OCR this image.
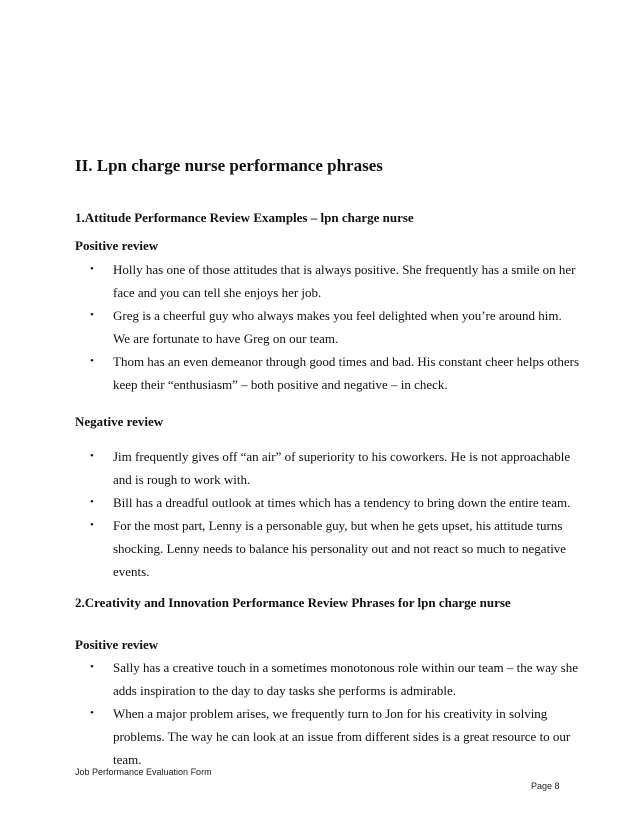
II. Lpn charge nurse performance phrases
1.Attitude Performance Review Examples – lpn charge nurse
Positive review
• Holly has one of those attitudes that is always positive. She frequently has a smile on her face and you can tell she enjoys her job.
• Greg is a cheerful guy who always makes you feel delighted when you’re around him. We are fortunate to have Greg on our team.
• Thom has an even demeanor through good times and bad. His constant cheer helps others keep their “enthusiasm” – both positive and negative – in check.
Negative review
• Jim frequently gives off “an air” of superiority to his coworkers. He is not approachable and is rough to work with.
• Bill has a dreadful outlook at times which has a tendency to bring down the entire team.
• For the most part, Lenny is a personable guy, but when he gets upset, his attitude turns shocking. Lenny needs to balance his personality out and not react so much to negative events.
2.Creativity and Innovation Performance Review Phrases for lpn charge nurse
Positive review
• Sally has a creative touch in a sometimes monotonous role within our team – the way she adds inspiration to the day to day tasks she performs is admirable.
• When a major problem arises, we frequently turn to Jon for his creativity in solving problems. The way he can look at an issue from different sides is a great resource to our team.
Job Performance Evaluation Form
Page 8
